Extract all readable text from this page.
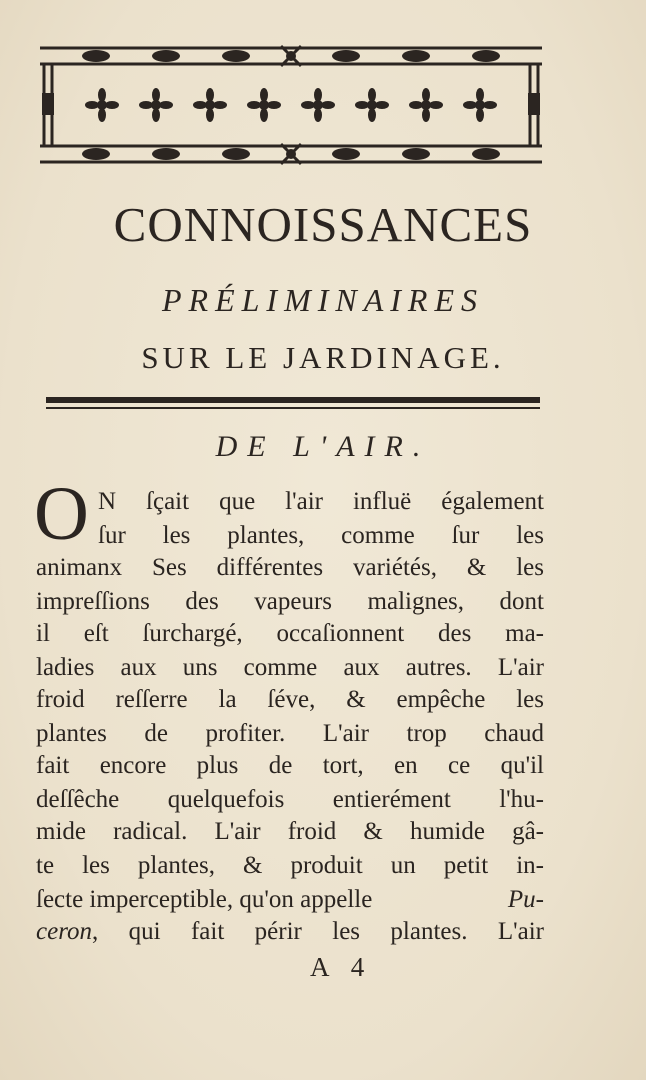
CONNOISSANCES
PRÉLIMINAIRES
SUR LE JARDINAGE.
DE L'AIR.
O N ſçait que l'air influë également
ſur les plantes, comme ſur les
animanx Ses différentes variétés, & les
impreſſions des vapeurs malignes, dont
il eſt ſurchargé, occaſionnent des ma-
ladies aux uns comme aux autres. L'air
froid reſſerre la ſéve, & empêche les
plantes de profiter. L'air trop chaud
fait encore plus de tort, en ce qu'il
deſſêche quelquefois entierément l'hu-
mide radical. L'air froid & humide gâ-
te les plantes, & produit un petit in-
ſecte imperceptible, qu'on appelle	Pu-
ceron , qui fait périr les plantes. L'air
A 4
